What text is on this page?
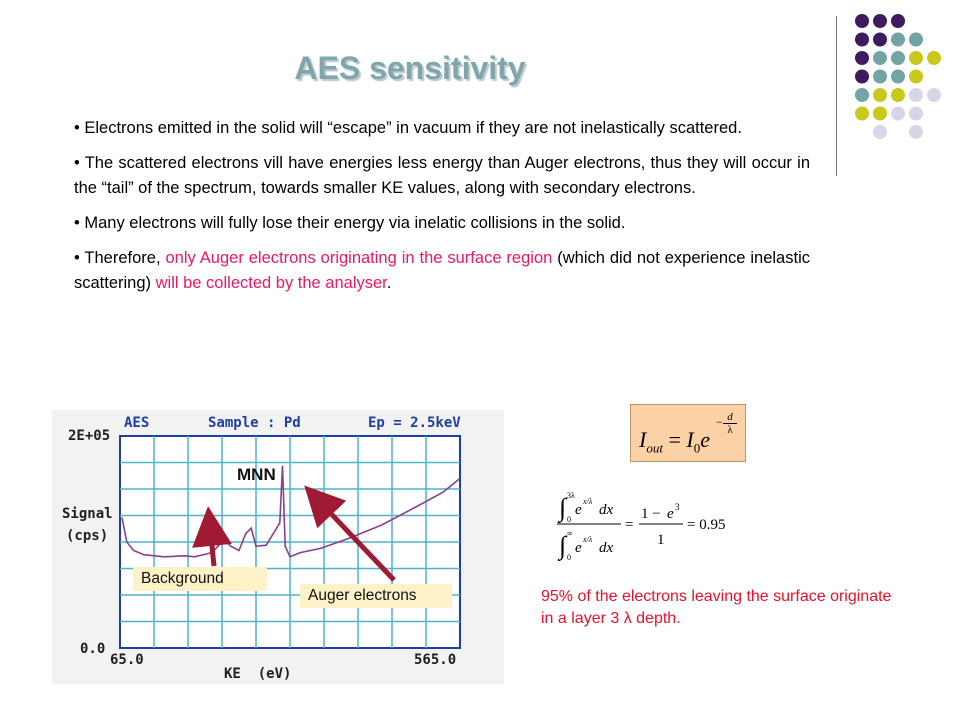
AES sensitivity

• Electrons emitted in the solid will “escape” in vacuum if they are not inelastically scattered.

• The scattered electrons vill have energies less energy than Auger electrons, thus they will occur in the “tail” of the spectrum, towards smaller KE values, along with secondary electrons.

• Many electrons will fully lose their energy via inelatic collisions in the solid.

• Therefore, only Auger electrons originating in the surface region (which did not experience inelastic scattering) will be collected by the analyser.

AES	Sample : Pd	Ep = 2.5keV
2E+05
0.0
Signal
(cps)
65.0	565.0
KE  (eV)
MNN
Background
Auger electrons
$I_{out} = I_0e$
$\frac{d}{\lambda}$
−
∫ 3λ
0
e
x/λ
dx
∫ ∞
0
e
x/λ
dx
=
1 − e 3
1
= 0.95
95% of the electrons leaving the surface originate in a layer 3 λ depth.
